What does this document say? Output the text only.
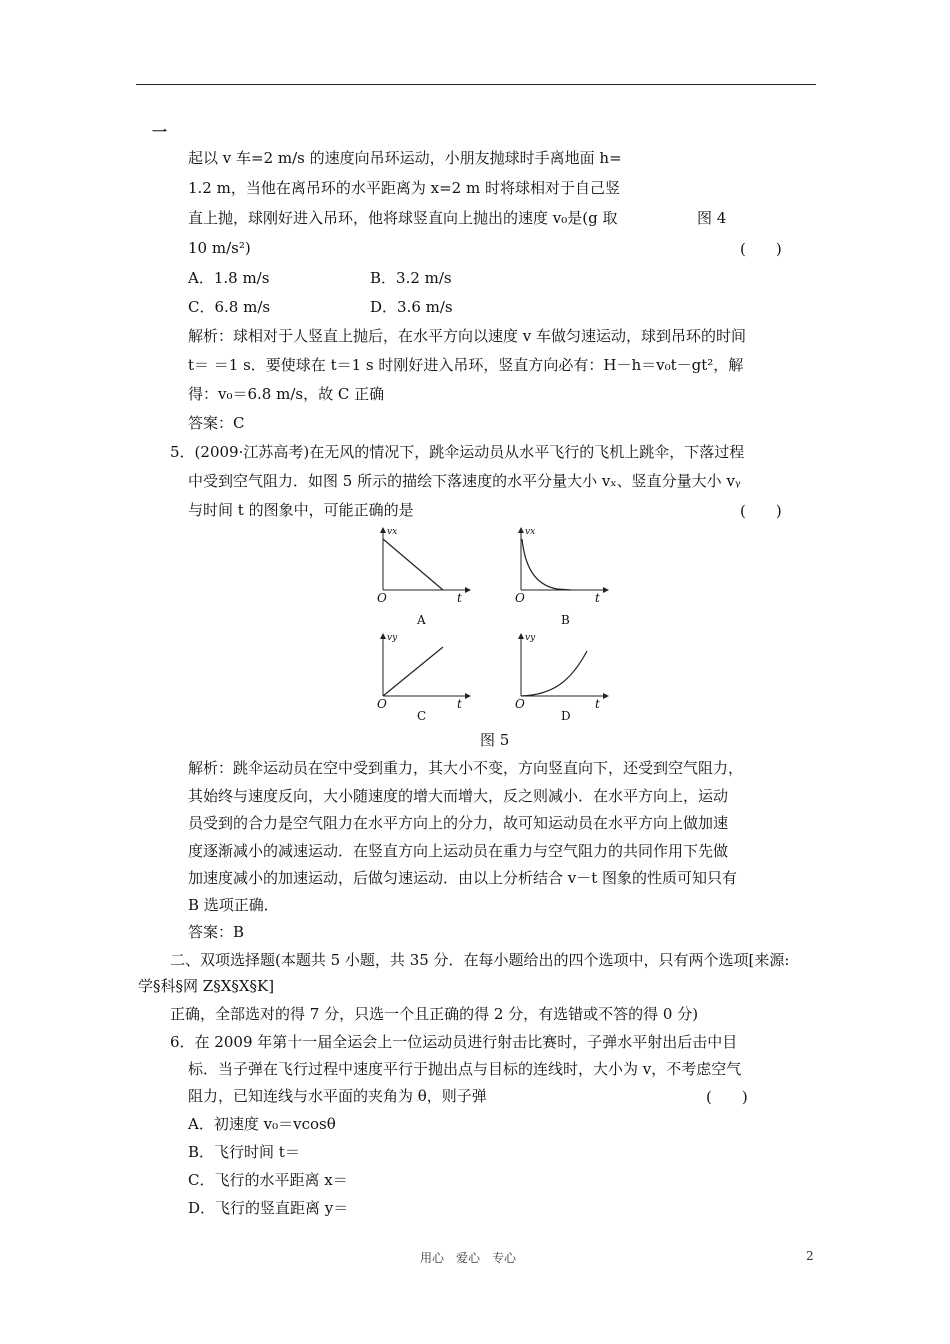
一
起以 v 车=2 m/s 的速度向吊环运动，小朋友抛球时手离地面 h=
1.2 m，当他在离吊环的水平距离为 x=2 m 时将球相对于自己竖
直上抛，球刚好进入吊环，他将球竖直向上抛出的速度 v₀是(g 取	图 4
10 m/s²)	(　　)
A．1.8 m/s	B．3.2 m/s
C．6.8 m/s	D．3.6 m/s
解析：球相对于人竖直上抛后，在水平方向以速度 v 车做匀速运动，球到吊环的时间
t＝ ＝1 s．要使球在 t＝1 s 时刚好进入吊环，竖直方向必有：H－h＝v₀t－gt²，解
得：v₀＝6.8 m/s，故 C 正确
答案：C
5．(2009·江苏高考)在无风的情况下，跳伞运动员从水平飞行的飞机上跳伞，下落过程
中受到空气阻力．如图 5 所示的描绘下落速度的水平分量大小 vₓ、竖直分量大小 vᵧ
与时间 t 的图象中，可能正确的是	(　　)
vx
O	t
A
vx
O	t
B
vy
O	t
C
vy
O	t
D
图 5
解析：跳伞运动员在空中受到重力，其大小不变，方向竖直向下，还受到空气阻力，
其始终与速度反向，大小随速度的增大而增大，反之则减小．在水平方向上，运动
员受到的合力是空气阻力在水平方向上的分力，故可知运动员在水平方向上做加速
度逐渐减小的减速运动．在竖直方向上运动员在重力与空气阻力的共同作用下先做
加速度减小的加速运动，后做匀速运动．由以上分析结合 v－t 图象的性质可知只有
B 选项正确．
答案：B
二、双项选择题(本题共 5 小题，共 35 分．在每小题给出的四个选项中，只有两个选项[来源:
学§科§网 Z§X§X§K]
正确，全部选对的得 7 分，只选一个且正确的得 2 分，有选错或不答的得 0 分)
6．在 2009 年第十一届全运会上一位运动员进行射击比赛时，子弹水平射出后击中目
标．当子弹在飞行过程中速度平行于抛出点与目标的连线时，大小为 v，不考虑空气
阻力，已知连线与水平面的夹角为 θ，则子弹	(　　)
A．初速度 v₀＝vcosθ
B．飞行时间 t＝
C．飞行的水平距离 x＝
D．飞行的竖直距离 y＝
用心　爱心　专心	2
